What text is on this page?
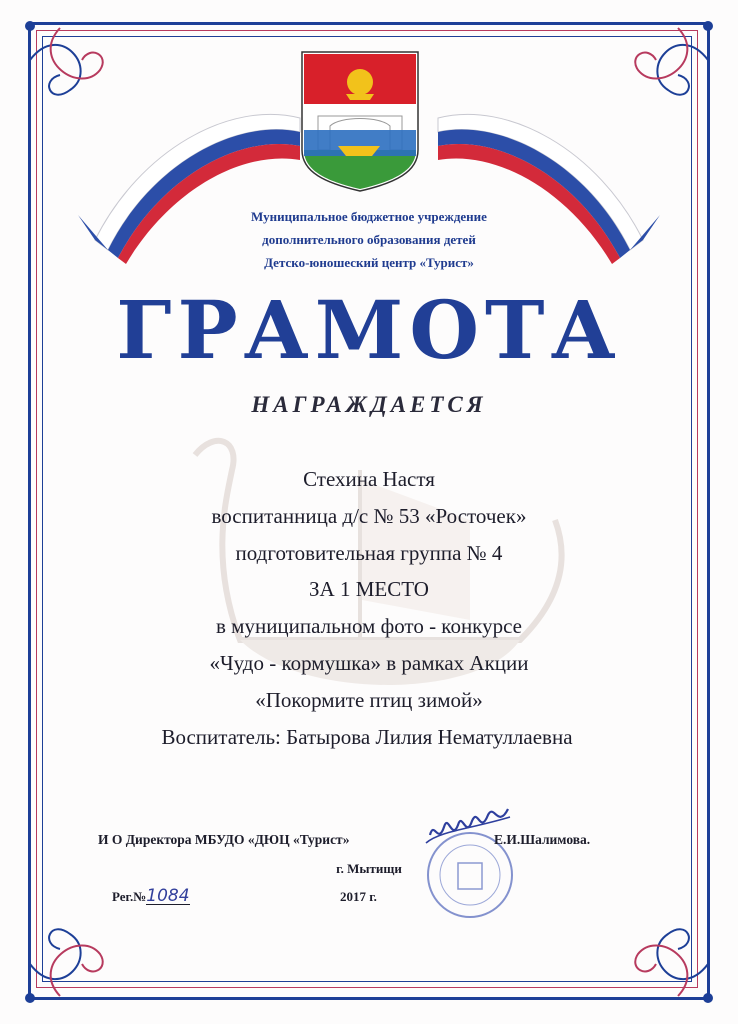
Муниципальное бюджетное учреждение

дополнительного образования детей

Детско-юношеский центр «Турист»

ГРАМОТА

НАГРАЖДАЕТСЯ

Стехина Настя

воспитанница д/с № 53 «Росточек»

подготовительная группа № 4

ЗА 1 МЕСТО

в муниципальном фото - конкурсе

«Чудо - кормушка» в рамках Акции

«Покормите птиц зимой»

Воспитатель: Батырова Лилия Нематуллаевна

И О Директора МБУДО «ДЮЦ «Турист»	Е.И.Шалимова.
г. Мытищи
2017 г.
Рег.№1084
